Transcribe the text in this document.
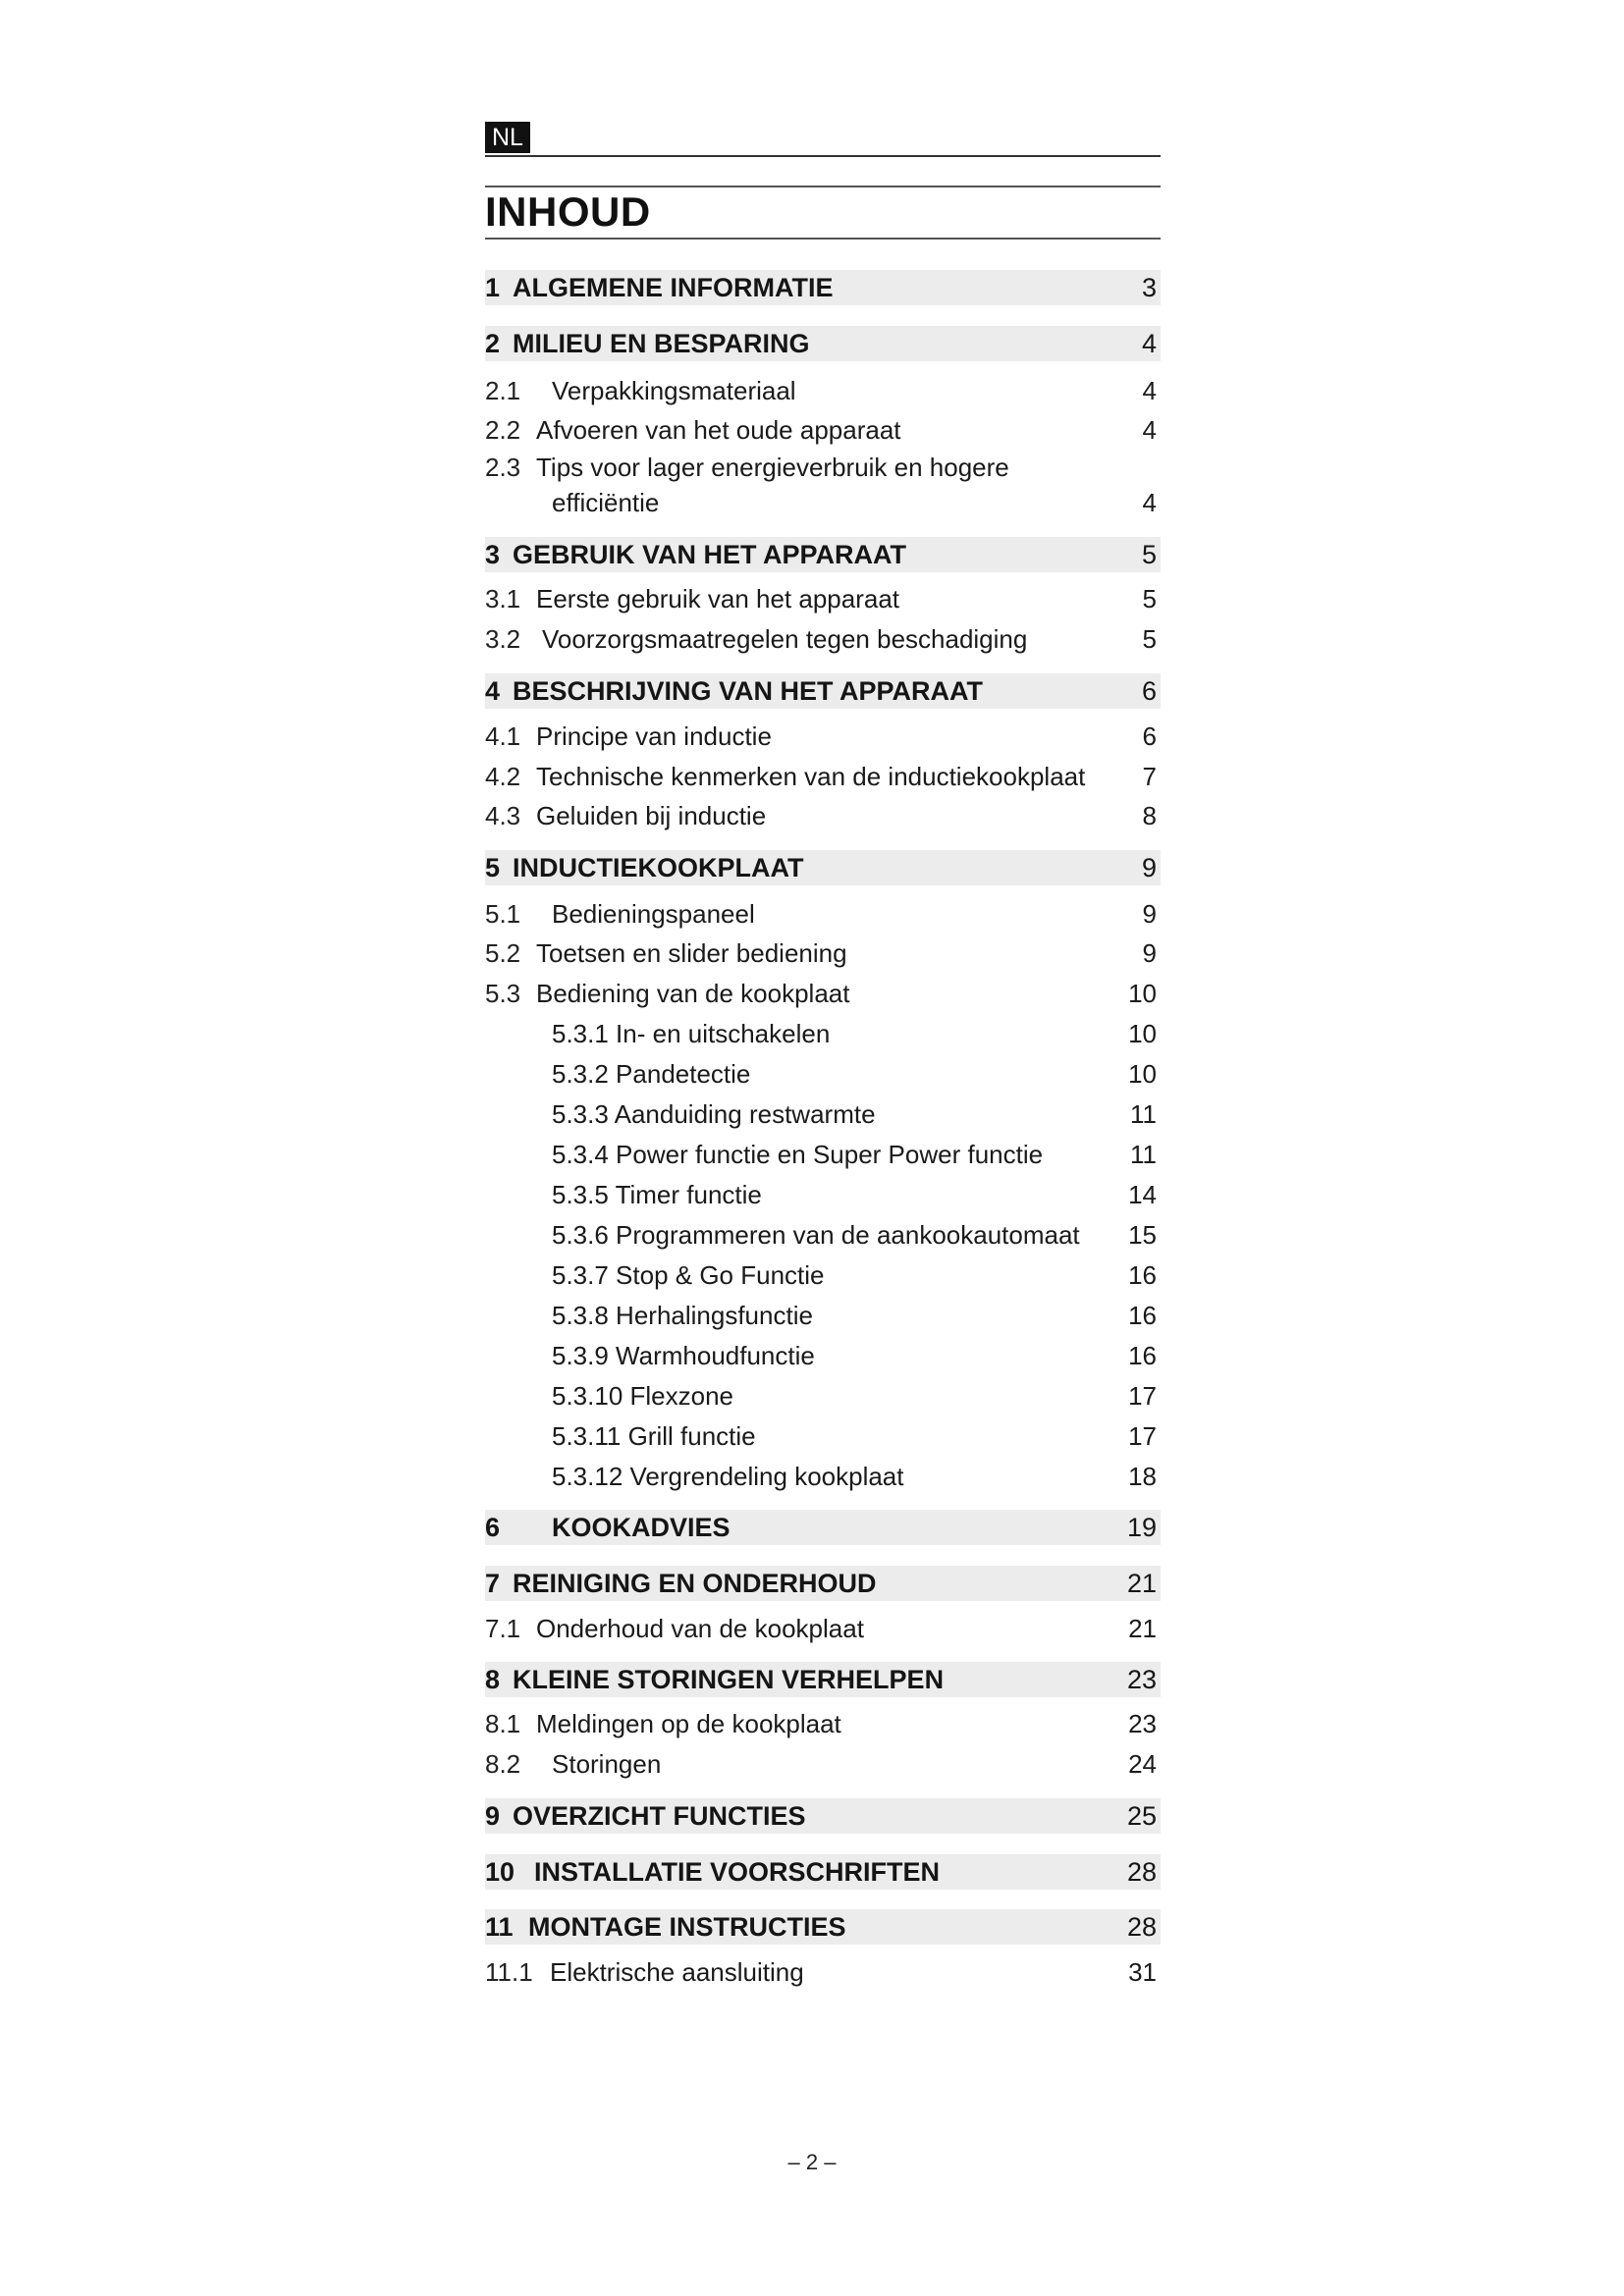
NL
INHOUD
1 ALGEMENE INFORMATIE	3
2 MILIEU EN BESPARING	4
2.1 Verpakkingsmateriaal	4
2.2 Afvoeren van het oude apparaat	4
2.3 Tips voor lager energieverbruik en hogere
efficiëntie	4
3 GEBRUIK VAN HET APPARAAT	5
3.1 Eerste gebruik van het apparaat	5
3.2 Voorzorgsmaatregelen tegen beschadiging	5
4 BESCHRIJVING VAN HET APPARAAT	6
4.1 Principe van inductie	6
4.2 Technische kenmerken van de inductiekookplaat 7
4.3 Geluiden bij inductie	8
5 INDUCTIEKOOKPLAAT	9
5.1 Bedieningspaneel	9
5.2 Toetsen en slider bediening	9
5.3 Bediening van de kookplaat	10
5.3.1 In- en uitschakelen	10
5.3.2 Pandetectie	10
5.3.3 Aanduiding restwarmte	11
5.3.4 Power functie en Super Power functie	11
5.3.5 Timer functie	14
5.3.6 Programmeren van de aankookautomaat 15
5.3.7 Stop & Go Functie	16
5.3.8 Herhalingsfunctie	16
5.3.9 Warmhoudfunctie	16
5.3.10 Flexzone	17
5.3.11 Grill functie	17
5.3.12 Vergrendeling kookplaat	18
6 KOOKADVIES	19
7 REINIGING EN ONDERHOUD	21
7.1 Onderhoud van de kookplaat	21
8 KLEINE STORINGEN VERHELPEN	23
8.1 Meldingen op de kookplaat	23
8.2 Storingen	24
9 OVERZICHT FUNCTIES	25
10 INSTALLATIE VOORSCHRIFTEN	28
11 MONTAGE INSTRUCTIES	28
11.1 Elektrische aansluiting	31
– 2 –
